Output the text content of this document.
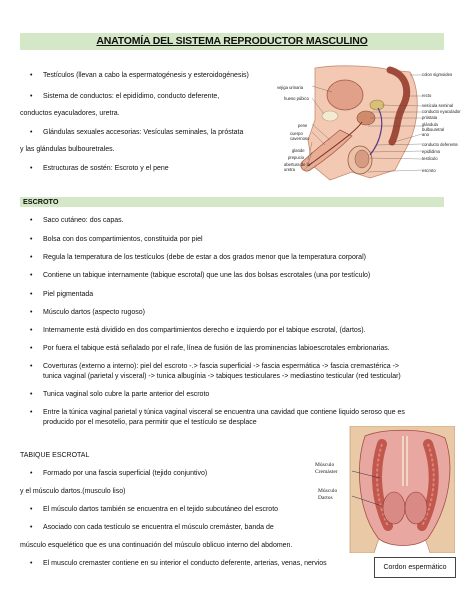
ANATOMÍA DEL SISTEMA REPRODUCTOR MASCULINO
• Testículos (llevan a cabo la espermatogénesis y esteroidogénesis)
• Sistema de conductos: el epidídimo, conducto deferente,
conductos eyaculadores, uretra.
• Glándulas sexuales accesorias: Vesículas seminales, la próstata
y las glándulas bulbouretrales.
• Estructuras de sostén: Escroto y el pene
vejiga urinaria
hueso púbico
pene
cuerpo cavernoso
glande
prepucio
abertura de la uretra
colon sigmoideo
recto
vesícula seminal
conducto eyaculador
próstata
glándula bulbouretral
ano
conducto deferente
epidídimo
testículo
escroto
ESCROTO
• Saco cutáneo: dos capas.
• Bolsa con dos compartimientos, constituida por piel
• Regula la temperatura de los testículos (debe de estar a dos grados menor que la temperatura corporal)
• Contiene un tabique internamente (tabique escrotal) que une las dos bolsas escrotales (una por testículo)
• Piel pigmentada
• Músculo dartos (aspecto rugoso)
• Internamente está dividido en dos compartimientos derecho e izquierdo por el tabique escrotal, (dartos).
• Por fuera el tabique está señalado por el rafe, línea de fusión de las prominencias labioescrotales embrionarias.
• Coverturas (externo a interno): piel del escroto -.> fascia superficial -> fascia espermática -> fascia cremastérica ->
tunica vaginal (parietal y visceral) -> tunica albugínia -> tabiques testiculares -> mediastino testicular (red testicular)
• Tunica vaginal solo cubre la parte anterior del escroto
• Entre la túnica vaginal parietal y túnica vaginal visceral se encuentra una cavidad que contiene liquido seroso que es
producido por el mesotelio, para permitir que el testículo se desplace
TABIQUE ESCROTAL
• Formado por una fascia superficial (tejido conjuntivo)
y el músculo dartos.(musculo liso)
• El músculo dartos también se encuentra en el tejido subcutáneo del escroto
• Asociado con cada testículo se encuentra el músculo cremáster, banda de
músculo esquelético que es una continuación del músculo oblicuo interno del abdomen.
• El musculo cremaster contiene en su interior el conducto deferente, arterias, venas, nervios
Músculo Cremáster
Músculo Dartos
Cordon espermático
